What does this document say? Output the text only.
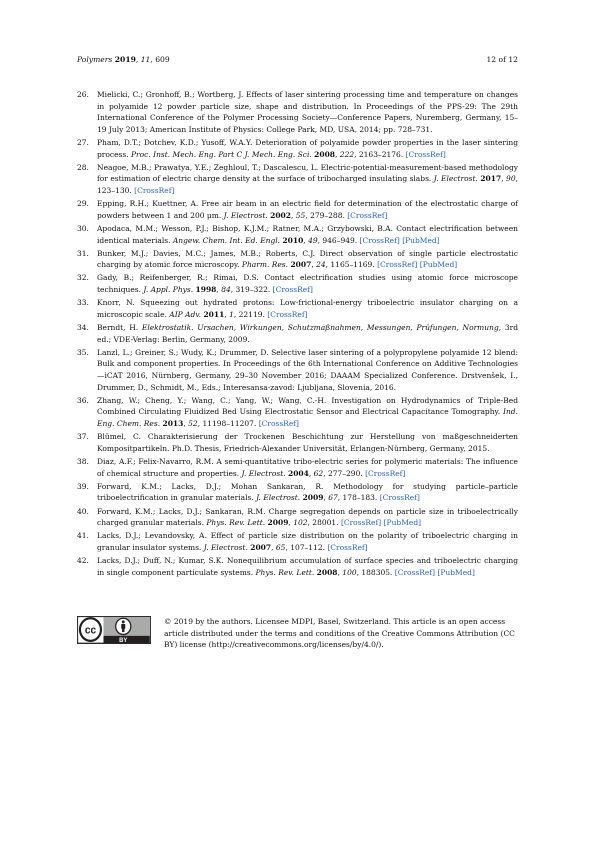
Polymers 2019, 11, 609	12 of 12
26. Mielicki, C.; Gronhoff, B.; Wortberg, J. Effects of laser sintering processing time and temperature on changes in polyamide 12 powder particle size, shape and distribution. In Proceedings of the PPS-29: The 29th International Conference of the Polymer Processing Society—Conference Papers, Nuremberg, Germany, 15–19 July 2013; American Institute of Physics: College Park, MD, USA, 2014; pp. 728–731.
27. Pham, D.T.; Dotchev, K.D.; Yusoff, W.A.Y. Deterioration of polyamide powder properties in the laser sintering process. Proc. Inst. Mech. Eng. Part C J. Mech. Eng. Sci. 2008, 222, 2163–2176. [CrossRef]
28. Neagoe, M.B.; Prawatya, Y.E.; Zeghloul, T.; Dascalescu, L. Electric-potential-measurement-based methodology for estimation of electric charge density at the surface of tribocharged insulating slabs. J. Electrost. 2017, 90, 123–130. [CrossRef]
29. Epping, R.H.; Kuettner, A. Free air beam in an electric field for determination of the electrostatic charge of powders between 1 and 200 μm. J. Electrost. 2002, 55, 279–288. [CrossRef]
30. Apodaca, M.M.; Wesson, P.J.; Bishop, K.J.M.; Ratner, M.A.; Grzybowski, B.A. Contact electrification between identical materials. Angew. Chem. Int. Ed. Engl. 2010, 49, 946–949. [CrossRef] [PubMed]
31. Bunker, M.J.; Davies, M.C.; James, M.B.; Roberts, C.J. Direct observation of single particle electrostatic charging by atomic force microscopy. Pharm. Res. 2007, 24, 1165–1169. [CrossRef] [PubMed]
32. Gady, B.; Reifenberger, R.; Rimai, D.S. Contact electrification studies using atomic force microscope techniques. J. Appl. Phys. 1998, 84, 319–322. [CrossRef]
33. Knorr, N. Squeezing out hydrated protons: Low-frictional-energy triboelectric insulator charging on a microscopic scale. AIP Adv. 2011, 1, 22119. [CrossRef]
34. Berndt, H. Elektrostatik. Ursachen, Wirkungen, Schutzmaßnahmen, Messungen, Prüfungen, Normung, 3rd ed.; VDE-Verlag: Berlin, Germany, 2009.
35. Lanzl, L.; Greiner, S.; Wudy, K.; Drummer, D. Selective laser sintering of a polypropylene polyamide 12 blend: Bulk and component properties. In Proceedings of the 6th International Conference on Additive Technologies—iCAT 2016, Nürnberg, Germany, 29–30 November 2016; DAAAM Specialized Conference. Drstvenšek, I., Drummer, D., Schmidt, M., Eds.; Interesansa-zavod: Ljubljana, Slovenia, 2016.
36. Zhang, W.; Cheng, Y.; Wang, C.; Yang, W.; Wang, C.-H. Investigation on Hydrodynamics of Triple-Bed Combined Circulating Fluidized Bed Using Electrostatic Sensor and Electrical Capacitance Tomography. Ind. Eng. Chem. Res. 2013, 52, 11198–11207. [CrossRef]
37. Blümel, C. Charakterisierung der Trockenen Beschichtung zur Herstellung von maßgeschneiderten Kompositpartikeln. Ph.D. Thesis, Friedrich-Alexander Universität, Erlangen-Nürnberg, Germany, 2015.
38. Diaz, A.F.; Felix-Navarro, R.M. A semi-quantitative tribo-electric series for polymeric materials: The influence of chemical structure and properties. J. Electrost. 2004, 62, 277–290. [CrossRef]
39. Forward, K.M.; Lacks, D.J.; Mohan Sankaran, R. Methodology for studying particle–particle triboelectrification in granular materials. J. Electrost. 2009, 67, 178–183. [CrossRef]
40. Forward, K.M.; Lacks, D.J.; Sankaran, R.M. Charge segregation depends on particle size in triboelectrically charged granular materials. Phys. Rev. Lett. 2009, 102, 28001. [CrossRef] [PubMed]
41. Lacks, D.J.; Levandovsky, A. Effect of particle size distribution on the polarity of triboelectric charging in granular insulator systems. J. Electrost. 2007, 65, 107–112. [CrossRef]
42. Lacks, D.J.; Duff, N.; Kumar, S.K. Nonequilibrium accumulation of surface species and triboelectric charging in single component particulate systems. Phys. Rev. Lett. 2008, 100, 188305. [CrossRef] [PubMed]
cc
BY
© 2019 by the authors. Licensee MDPI, Basel, Switzerland. This article is an open access article distributed under the terms and conditions of the Creative Commons Attribution (CC BY) license (http://creativecommons.org/licenses/by/4.0/).
